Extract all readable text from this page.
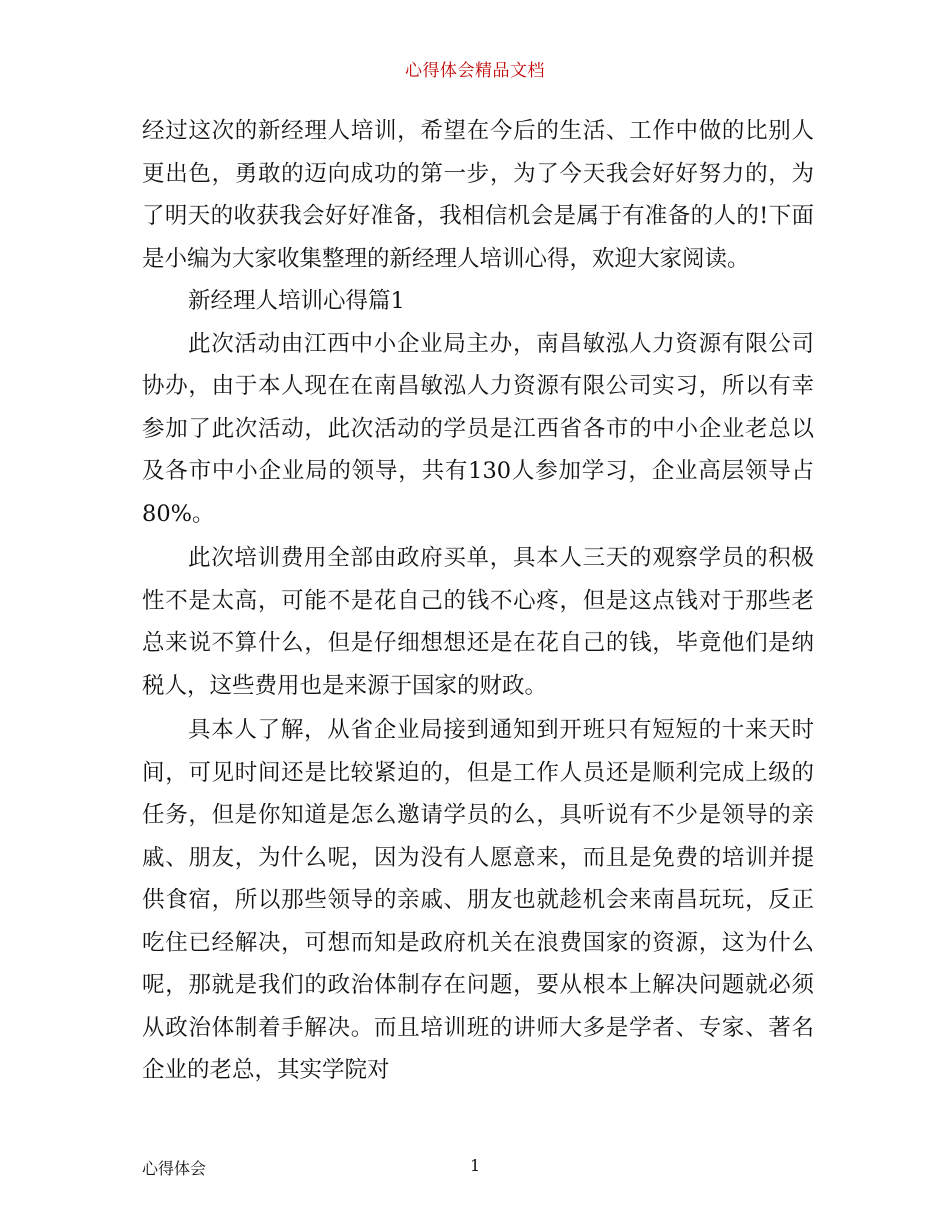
心得体会精品文档

经过这次的新经理人培训，希望在今后的生活、工作中做的比别人更出色，勇敢的迈向成功的第一步，为了今天我会好好努力的，为了明天的收获我会好好准备，我相信机会是属于有准备的人的!下面是小编为大家收集整理的新经理人培训心得，欢迎大家阅读。

新经理人培训心得篇1

此次活动由江西中小企业局主办，南昌敏泓人力资源有限公司协办，由于本人现在在南昌敏泓人力资源有限公司实习，所以有幸参加了此次活动，此次活动的学员是江西省各市的中小企业老总以及各市中小企业局的领导，共有130人参加学习，企业高层领导占80%。

此次培训费用全部由政府买单，具本人三天的观察学员的积极性不是太高，可能不是花自己的钱不心疼，但是这点钱对于那些老总来说不算什么，但是仔细想想还是在花自己的钱，毕竟他们是纳税人，这些费用也是来源于国家的财政。

具本人了解，从省企业局接到通知到开班只有短短的十来天时间，可见时间还是比较紧迫的，但是工作人员还是顺利完成上级的任务，但是你知道是怎么邀请学员的么，具听说有不少是领导的亲戚、朋友，为什么呢，因为没有人愿意来，而且是免费的培训并提供食宿，所以那些领导的亲戚、朋友也就趁机会来南昌玩玩，反正吃住已经解决，可想而知是政府机关在浪费国家的资源，这为什么呢，那就是我们的政治体制存在问题，要从根本上解决问题就必须从政治体制着手解决。而且培训班的讲师大多是学者、专家、著名企业的老总，其实学院对

心得体会	1
